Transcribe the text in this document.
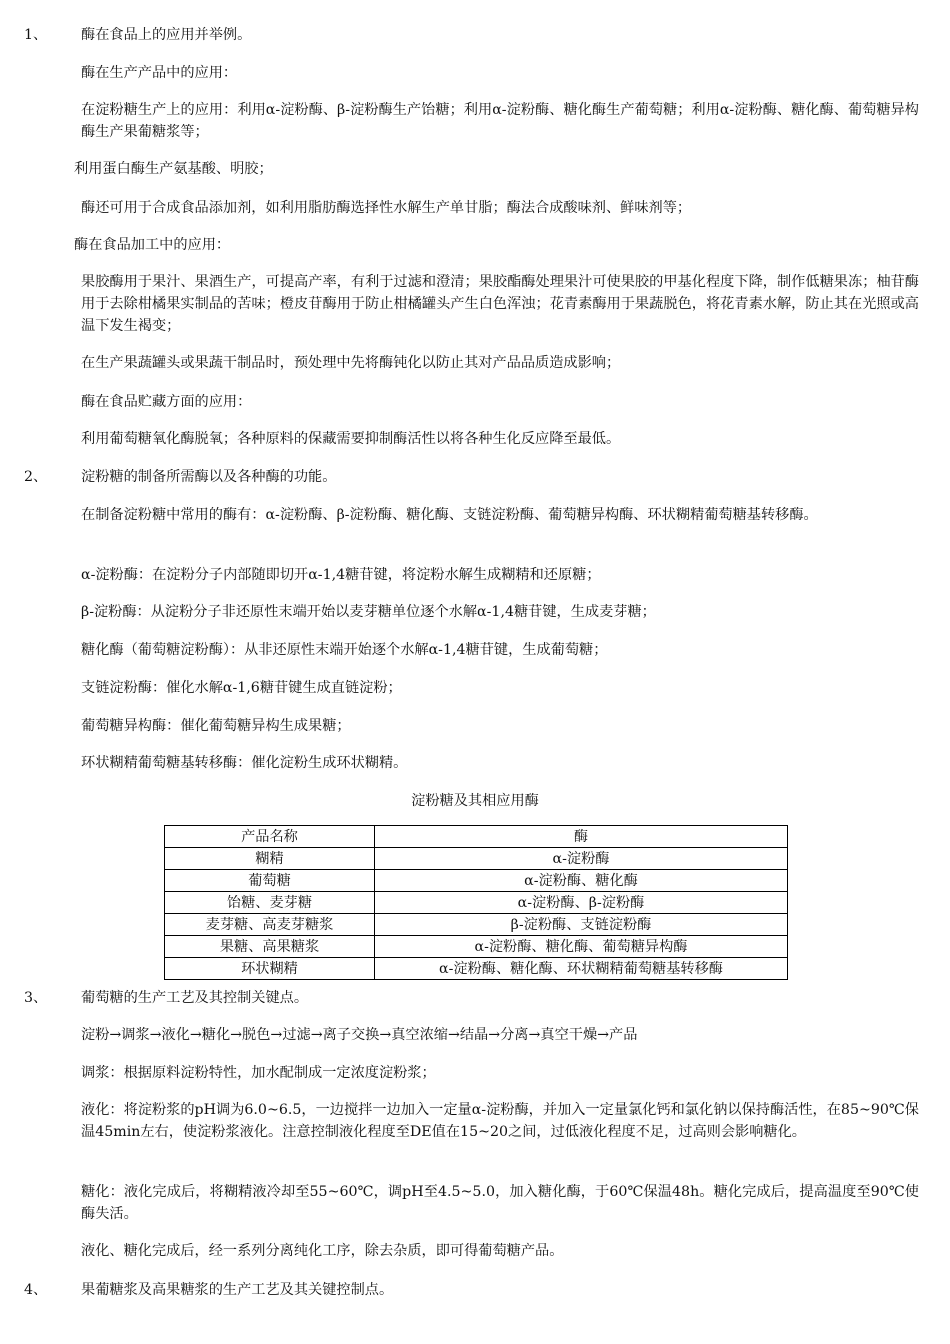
1、 酶在食品上的应用并举例。

酶在生产产品中的应用：

在淀粉糖生产上的应用：利用α-淀粉酶、β-淀粉酶生产饴糖；利用α-淀粉酶、糖化酶生产葡萄糖；利用α-淀粉酶、糖化酶、葡萄糖异构酶生产果葡糖浆等；

利用蛋白酶生产氨基酸、明胶；

酶还可用于合成食品添加剂，如利用脂肪酶选择性水解生产单甘脂；酶法合成酸味剂、鲜味剂等；

酶在食品加工中的应用：

果胶酶用于果汁、果酒生产，可提高产率，有利于过滤和澄清；果胶酯酶处理果汁可使果胶的甲基化程度下降，制作低糖果冻；柚苷酶用于去除柑橘果实制品的苦味；橙皮苷酶用于防止柑橘罐头产生白色浑浊；花青素酶用于果蔬脱色，将花青素水解，防止其在光照或高温下发生褐变；

在生产果蔬罐头或果蔬干制品时，预处理中先将酶钝化以防止其对产品品质造成影响；

酶在食品贮藏方面的应用：

利用葡萄糖氧化酶脱氧；各种原料的保藏需要抑制酶活性以将各种生化反应降至最低。

2、 淀粉糖的制备所需酶以及各种酶的功能。

在制备淀粉糖中常用的酶有：α-淀粉酶、β-淀粉酶、糖化酶、支链淀粉酶、葡萄糖异构酶、环状糊精葡萄糖基转移酶。

α-淀粉酶：在淀粉分子内部随即切开α-1,4糖苷键，将淀粉水解生成糊精和还原糖；

β-淀粉酶：从淀粉分子非还原性末端开始以麦芽糖单位逐个水解α-1,4糖苷键，生成麦芽糖；

糖化酶（葡萄糖淀粉酶）：从非还原性末端开始逐个水解α-1,4糖苷键，生成葡萄糖；

支链淀粉酶：催化水解α-1,6糖苷键生成直链淀粉；

葡萄糖异构酶：催化葡萄糖异构生成果糖；

环状糊精葡萄糖基转移酶：催化淀粉生成环状糊精。

淀粉糖及其相应用酶

产品名称	酶
糊精	α-淀粉酶
葡萄糖	α-淀粉酶、糖化酶
饴糖、麦芽糖	α-淀粉酶、β-淀粉酶
麦芽糖、高麦芽糖浆	β-淀粉酶、支链淀粉酶
果糖、高果糖浆	α-淀粉酶、糖化酶、葡萄糖异构酶
环状糊精	α-淀粉酶、糖化酶、环状糊精葡萄糖基转移酶

3、 葡萄糖的生产工艺及其控制关键点。

淀粉→调浆→液化→糖化→脱色→过滤→离子交换→真空浓缩→结晶→分离→真空干燥→产品

调浆：根据原料淀粉特性，加水配制成一定浓度淀粉浆；

液化：将淀粉浆的pH调为6.0~6.5，一边搅拌一边加入一定量α-淀粉酶，并加入一定量氯化钙和氯化钠以保持酶活性，在85~90℃保温45min左右，使淀粉浆液化。注意控制液化程度至DE值在15~20之间，过低液化程度不足，过高则会影响糖化。

糖化：液化完成后，将糊精液冷却至55~60℃，调pH至4.5~5.0，加入糖化酶，于60℃保温48h。糖化完成后，提高温度至90℃使酶失活。

液化、糖化完成后，经一系列分离纯化工序，除去杂质，即可得葡萄糖产品。

4、 果葡糖浆及高果糖浆的生产工艺及其关键控制点。
